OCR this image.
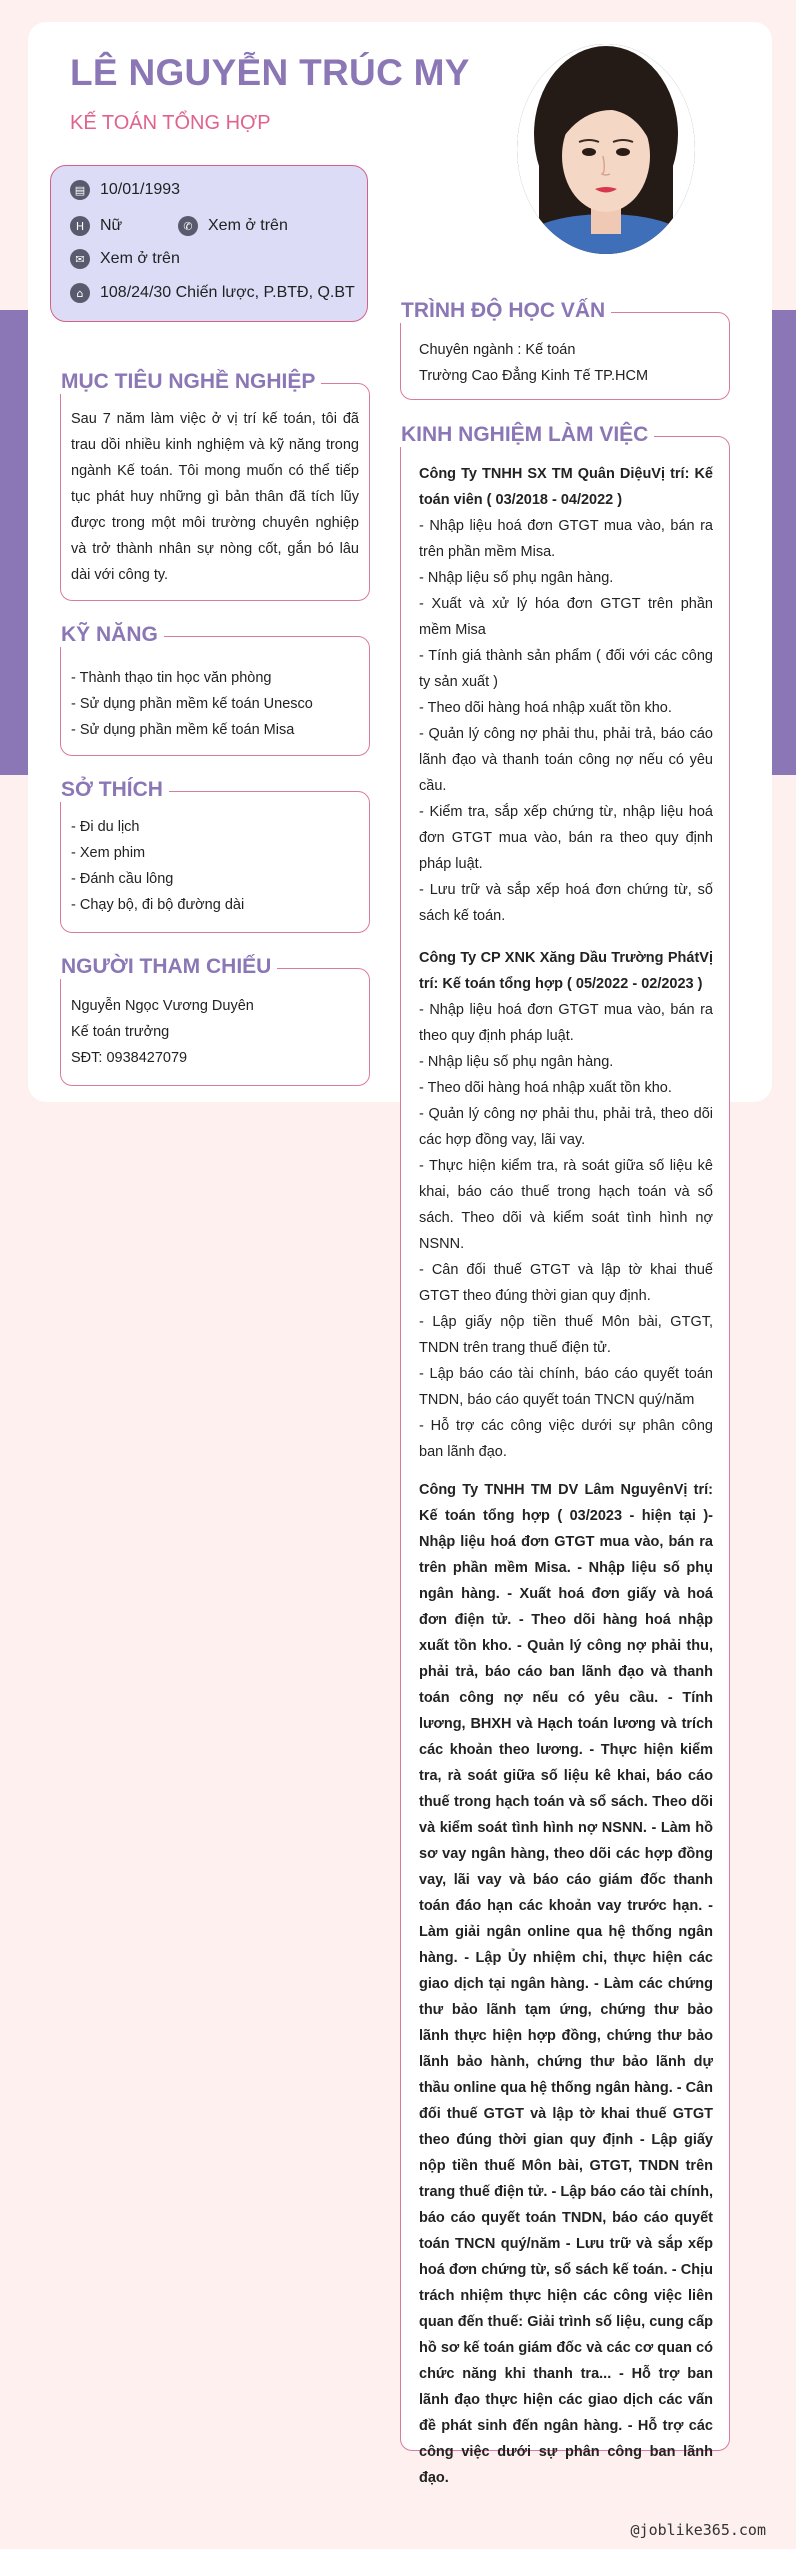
LÊ NGUYỄN TRÚC MY
KẾ TOÁN TỔNG HỢP
▤ 10/01/1993
H Nữ	✆ Xem ở trên
✉ Xem ở trên
⌂	108/24/30 Chiến lược, P.BTĐ, Q.BT
MỤC TIÊU NGHỀ NGHIỆP
Sau 7 năm làm việc ở vị trí kế toán, tôi đã trau dồi nhiều kinh nghiệm và kỹ năng trong ngành Kế toán. Tôi mong muốn có thể tiếp tục phát huy những gì bản thân đã tích lũy được trong một môi trường chuyên nghiệp và trở thành nhân sự nòng cốt, gắn bó lâu dài với công ty.
KỸ NĂNG
- Thành thạo tin học văn phòng
- Sử dụng phần mềm kế toán Unesco
- Sử dụng phần mềm kế toán Misa
SỞ THÍCH
- Đi du lịch
- Xem phim
- Đánh cầu lông
- Chạy bộ, đi bộ đường dài
NGƯỜI THAM CHIẾU
Nguyễn Ngọc Vương Duyên
Kế toán trưởng
SĐT: 0938427079
TRÌNH ĐỘ HỌC VẤN
Chuyên ngành : Kế toán
Trường Cao Đẳng Kinh Tế TP.HCM
KINH NGHIỆM LÀM VIỆC
Công Ty TNHH SX TM Quân DiệuVị trí: Kế toán viên ( 03/2018 - 04/2022 )
- Nhập liệu hoá đơn GTGT mua vào, bán ra trên phần mềm Misa.
- Nhập liệu số phụ ngân hàng.
- Xuất và xử lý hóa đơn GTGT trên phần mềm Misa
- Tính giá thành sản phẩm ( đối với các công ty sản xuất )
- Theo dõi hàng hoá nhập xuất tồn kho.
- Quản lý công nợ phải thu, phải trả, báo cáo lãnh đạo và thanh toán công nợ nếu có yêu cầu.
- Kiểm tra, sắp xếp chứng từ, nhập liệu hoá đơn GTGT mua vào, bán ra theo quy định pháp luật.
- Lưu trữ và sắp xếp hoá đơn chứng từ, số sách kế toán.
Công Ty CP XNK Xăng Dầu Trường PhátVị trí: Kế toán tổng hợp ( 05/2022 - 02/2023 )
- Nhập liệu hoá đơn GTGT mua vào, bán ra theo quy định pháp luật.
- Nhập liệu số phụ ngân hàng.
- Theo dõi hàng hoá nhập xuất tồn kho.
- Quản lý công nợ phải thu, phải trả, theo dõi các hợp đồng vay, lãi vay.
- Thực hiện kiểm tra, rà soát giữa số liệu kê khai, báo cáo thuế trong hạch toán và sổ sách. Theo dõi và kiểm soát tình hình nợ NSNN.
- Cân đối thuế GTGT và lập tờ khai thuế GTGT theo đúng thời gian quy định.
- Lập giấy nộp tiền thuế Môn bài, GTGT, TNDN trên trang thuế điện tử.
- Lập báo cáo tài chính, báo cáo quyết toán TNDN, báo cáo quyết toán TNCN quý/năm
- Hỗ trợ các công việc dưới sự phân công ban lãnh đạo.
Công Ty TNHH TM DV Lâm NguyênVị trí: Kế toán tổng hợp ( 03/2023 - hiện tại )-Nhập liệu hoá đơn GTGT mua vào, bán ra trên phần mềm Misa. - Nhập liệu số phụ ngân hàng. - Xuất hoá đơn giấy và hoá đơn điện tử. - Theo dõi hàng hoá nhập xuất tồn kho. - Quản lý công nợ phải thu, phải trả, báo cáo ban lãnh đạo và thanh toán công nợ nếu có yêu cầu. - Tính lương, BHXH và Hạch toán lương và trích các khoản theo lương. - Thực hiện kiểm tra, rà soát giữa số liệu kê khai, báo cáo thuế trong hạch toán và sổ sách. Theo dõi và kiểm soát tình hình nợ NSNN. - Làm hồ sơ vay ngân hàng, theo dõi các hợp đồng vay, lãi vay và báo cáo giám đốc thanh toán đáo hạn các khoản vay trước hạn. - Làm giải ngân online qua hệ thống ngân hàng. - Lập Ủy nhiệm chi, thực hiện các giao dịch tại ngân hàng. - Làm các chứng thư bảo lãnh tạm ứng, chứng thư bảo lãnh thực hiện hợp đồng, chứng thư bảo lãnh bảo hành, chứng thư bảo lãnh dự thầu online qua hệ thống ngân hàng. - Cân đối thuế GTGT và lập tờ khai thuế GTGT theo đúng thời gian quy định - Lập giấy nộp tiền thuế Môn bài, GTGT, TNDN trên trang thuế điện tử. - Lập báo cáo tài chính, báo cáo quyết toán TNDN, báo cáo quyết toán TNCN quý/năm - Lưu trữ và sắp xếp hoá đơn chứng từ, sổ sách kế toán. - Chịu trách nhiệm thực hiện các công việc liên quan đến thuế: Giải trình số liệu, cung cấp hồ sơ kế toán giám đốc và các cơ quan có chức năng khi thanh tra... - Hỗ trợ ban lãnh đạo thực hiện các giao dịch các vấn đề phát sinh đến ngân hàng. - Hỗ trợ các công việc dưới sự phân công ban lãnh đạo.
@joblike365.com
